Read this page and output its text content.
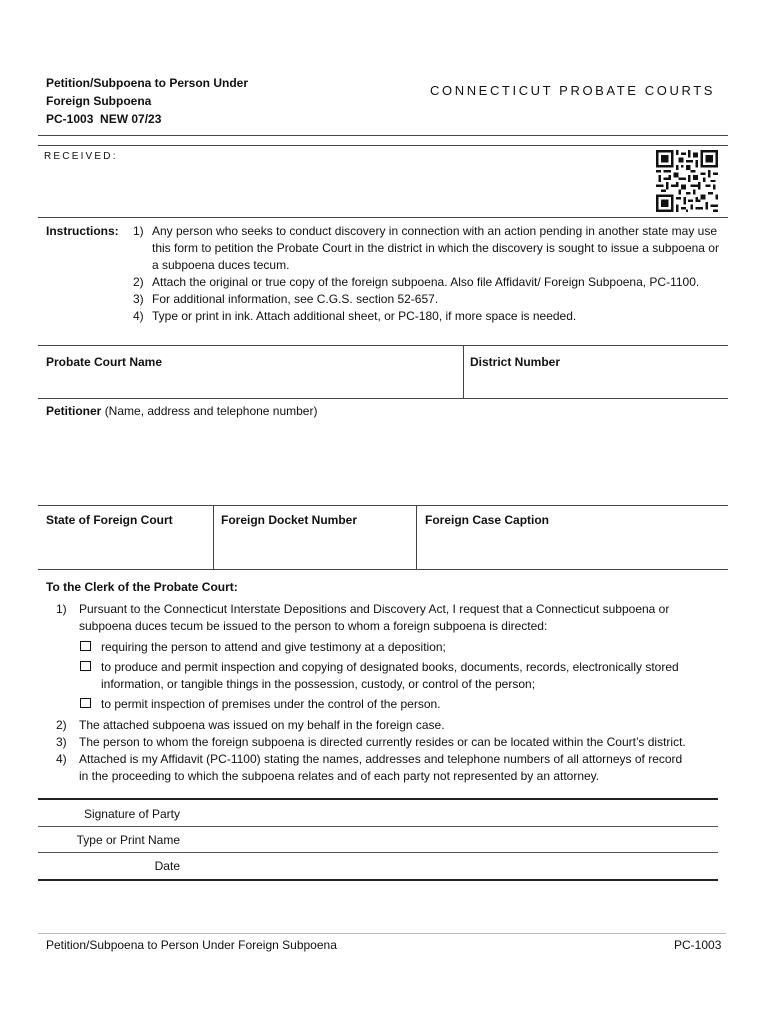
Petition/Subpoena to Person Under
Foreign Subpoena
PC-1003  NEW 07/23
CONNECTICUT PROBATE COURTS
RECEIVED:
Instructions: 1) Any person who seeks to conduct discovery in connection with an action pending in another state may use this form to petition the Probate Court in the district in which the discovery is sought to issue a subpoena or a subpoena duces tecum.
2) Attach the original or true copy of the foreign subpoena. Also file Affidavit/ Foreign Subpoena, PC-1100.
3) For additional information, see C.G.S. section 52-657.
4) Type or print in ink. Attach additional sheet, or PC-180, if more space is needed.
Probate Court Name	District Number
Petitioner (Name, address and telephone number)
State of Foreign Court	Foreign Docket Number	Foreign Case Caption
To the Clerk of the Probate Court:
1) Pursuant to the Connecticut Interstate Depositions and Discovery Act, I request that a Connecticut subpoena or
subpoena duces tecum be issued to the person to whom a foreign subpoena is directed:
requiring the person to attend and give testimony at a deposition;
to produce and permit inspection and copying of designated books, documents, records, electronically stored
information, or tangible things in the possession, custody, or control of the person;
to permit inspection of premises under the control of the person.
2) The attached subpoena was issued on my behalf in the foreign case.
3) The person to whom the foreign subpoena is directed currently resides or can be located within the Court’s district.
4) Attached is my Affidavit (PC-1100) stating the names, addresses and telephone numbers of all attorneys of record
in the proceeding to which the subpoena relates and of each party not represented by an attorney.
Signature of Party
Type or Print Name
Date
Petition/Subpoena to Person Under Foreign Subpoena	PC-1003
